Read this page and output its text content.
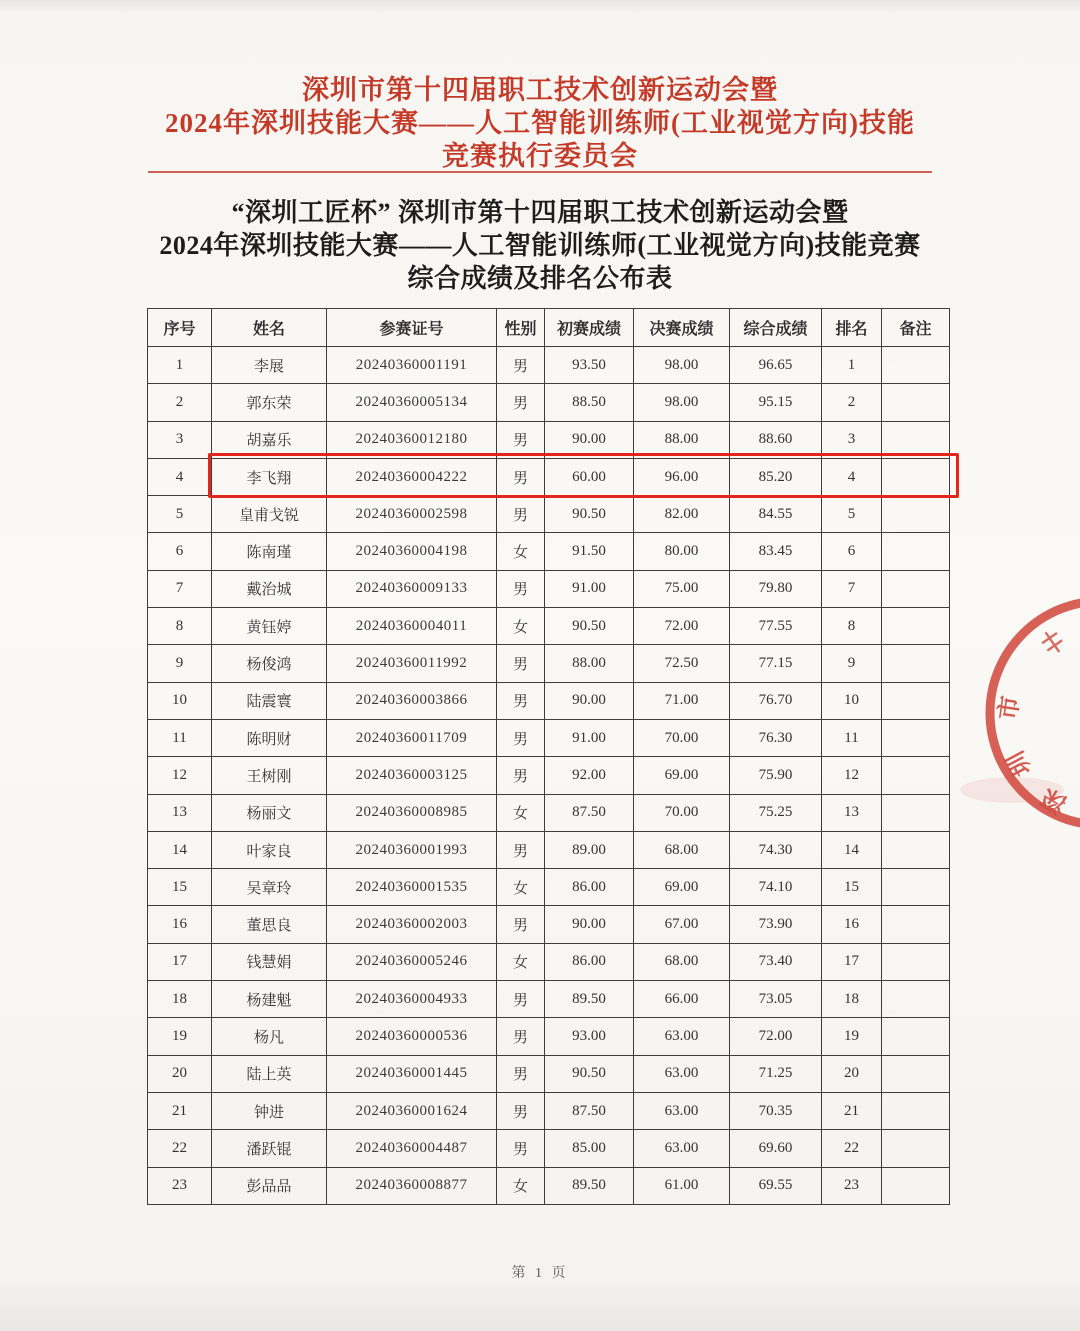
深圳市第十四届职工技术创新运动会暨
2024年深圳技能大赛——人工智能训练师(工业视觉方向)技能
竞赛执行委员会
“深圳工匠杯” 深圳市第十四届职工技术创新运动会暨
2024年深圳技能大赛——人工智能训练师(工业视觉方向)技能竞赛
综合成绩及排名公布表
序号	姓名	参赛证号	性别	初赛成绩	决赛成绩	综合成绩	排名	备注
1	李展	20240360001191	男	93.50	98.00	96.65	1	
2	郭东荣	20240360005134	男	88.50	98.00	95.15	2	
3	胡嘉乐	20240360012180	男	90.00	88.00	88.60	3	
4	李飞翔	20240360004222	男	60.00	96.00	85.20	4	
5	皇甫戈锐	20240360002598	男	90.50	82.00	84.55	5	
6	陈南瑾	20240360004198	女	91.50	80.00	83.45	6	
7	戴治城	20240360009133	男	91.00	75.00	79.80	7	
8	黄钰婷	20240360004011	女	90.50	72.00	77.55	8	
9	杨俊鸿	20240360011992	男	88.00	72.50	77.15	9	
10	陆震寰	20240360003866	男	90.00	71.00	76.70	10	
11	陈明财	20240360011709	男	91.00	70.00	76.30	11	
12	王树刚	20240360003125	男	92.00	69.00	75.90	12	
13	杨丽文	20240360008985	女	87.50	70.00	75.25	13	
14	叶家良	20240360001993	男	89.00	68.00	74.30	14	
15	吴章玲	20240360001535	女	86.00	69.00	74.10	15	
16	董思良	20240360002003	男	90.00	67.00	73.90	16	
17	钱慧娟	20240360005246	女	86.00	68.00	73.40	17	
18	杨建魁	20240360004933	男	89.50	66.00	73.05	18	
19	杨凡	20240360000536	男	93.00	63.00	72.00	19	
20	陆上英	20240360001445	男	90.50	63.00	71.25	20	
21	钟进	20240360001624	男	87.50	63.00	70.35	21	
22	潘跃锟	20240360004487	男	85.00	63.00	69.60	22	
23	彭品品	20240360008877	女	89.50	61.00	69.55	23	
深
圳
市
第 1 页
